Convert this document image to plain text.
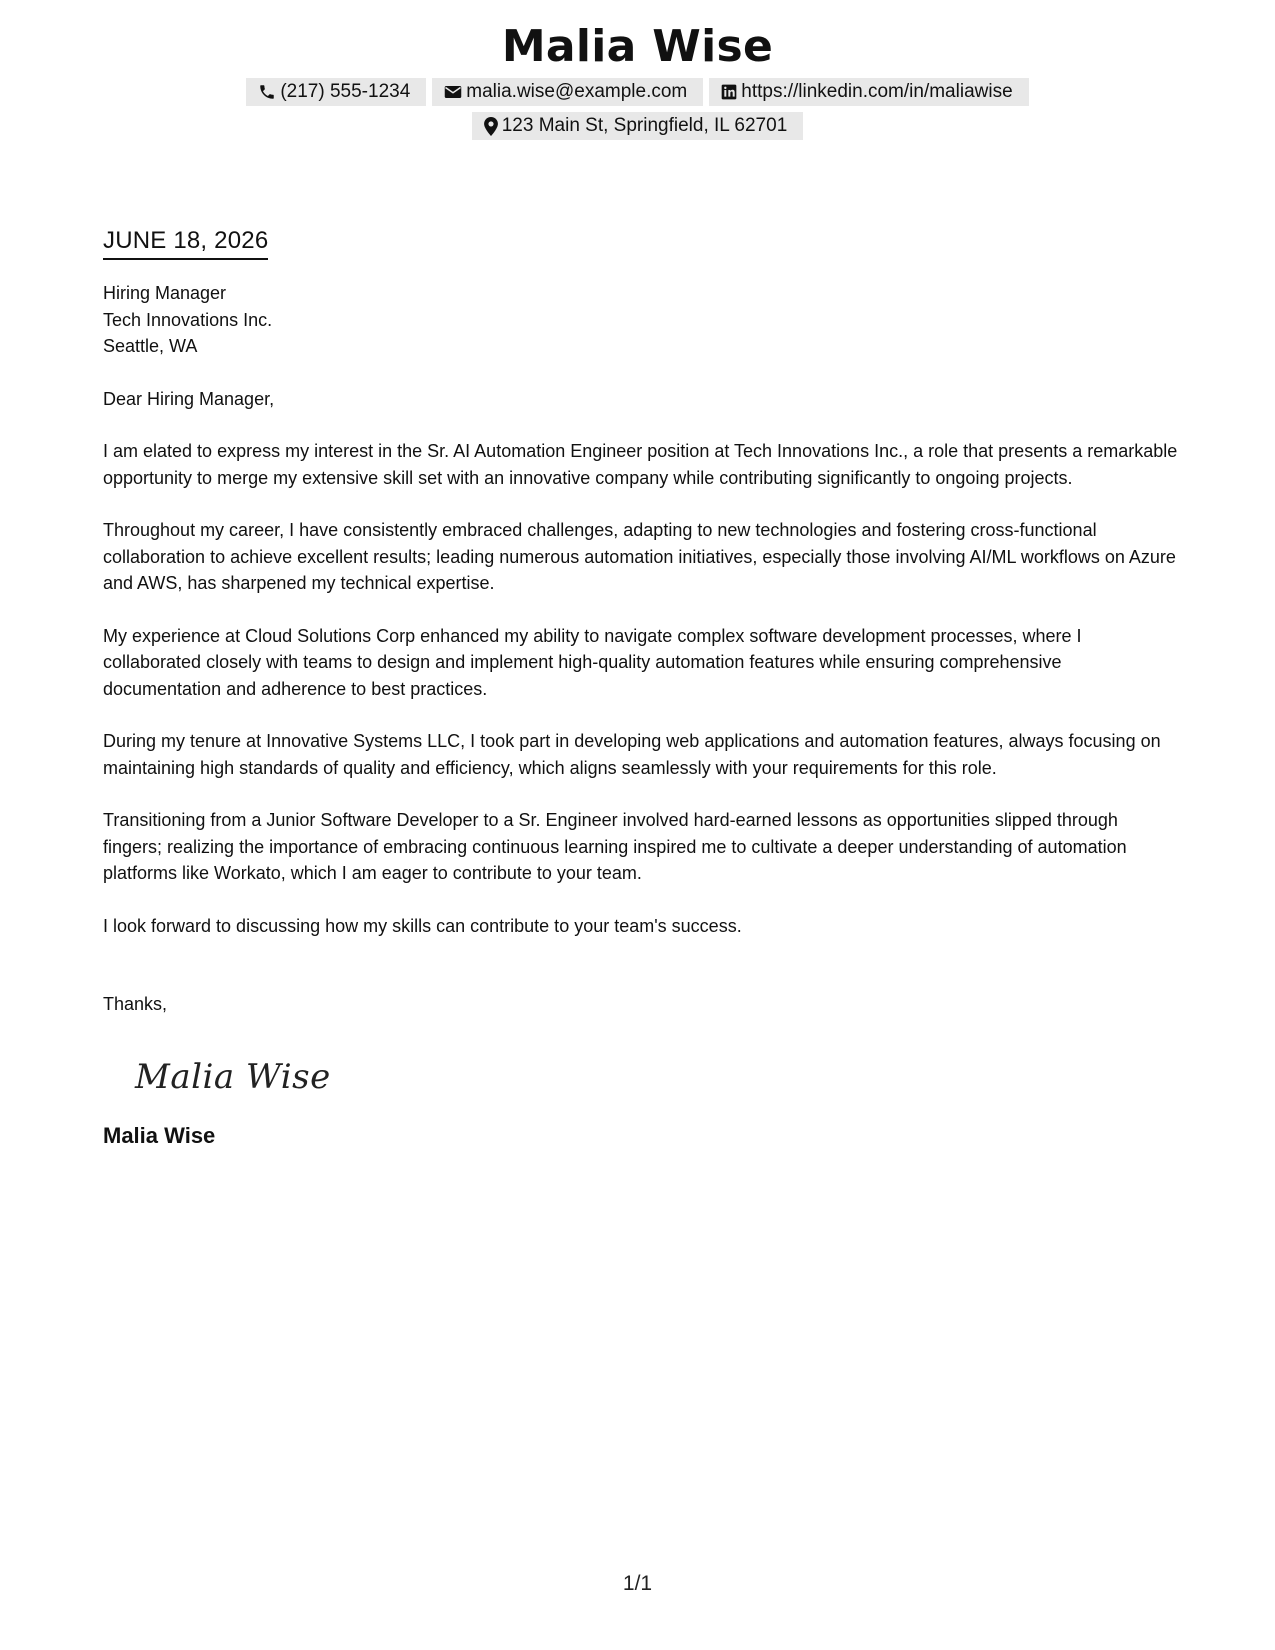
Malia Wise
(217) 555-1234	malia.wise@example.com	https://linkedin.com/in/maliawise
123 Main St, Springfield, IL 62701
JUNE 18, 2026
Hiring Manager
Tech Innovations Inc.
Seattle, WA
Dear Hiring Manager,
I am elated to express my interest in the Sr. AI Automation Engineer position at Tech Innovations Inc., a role that presents a remarkable opportunity to merge my extensive skill set with an innovative company while contributing significantly to ongoing projects.
Throughout my career, I have consistently embraced challenges, adapting to new technologies and fostering cross-functional collaboration to achieve excellent results; leading numerous automation initiatives, especially those involving AI/ML workflows on Azure and AWS, has sharpened my technical expertise.
My experience at Cloud Solutions Corp enhanced my ability to navigate complex software development processes, where I collaborated closely with teams to design and implement high-quality automation features while ensuring comprehensive documentation and adherence to best practices.
During my tenure at Innovative Systems LLC, I took part in developing web applications and automation features, always focusing on maintaining high standards of quality and efficiency, which aligns seamlessly with your requirements for this role.
Transitioning from a Junior Software Developer to a Sr. Engineer involved hard-earned lessons as opportunities slipped through fingers; realizing the importance of embracing continuous learning inspired me to cultivate a deeper understanding of automation platforms like Workato, which I am eager to contribute to your team.
I look forward to discussing how my skills can contribute to your team's success.
Thanks,
Malia Wise
Malia Wise
1/1
